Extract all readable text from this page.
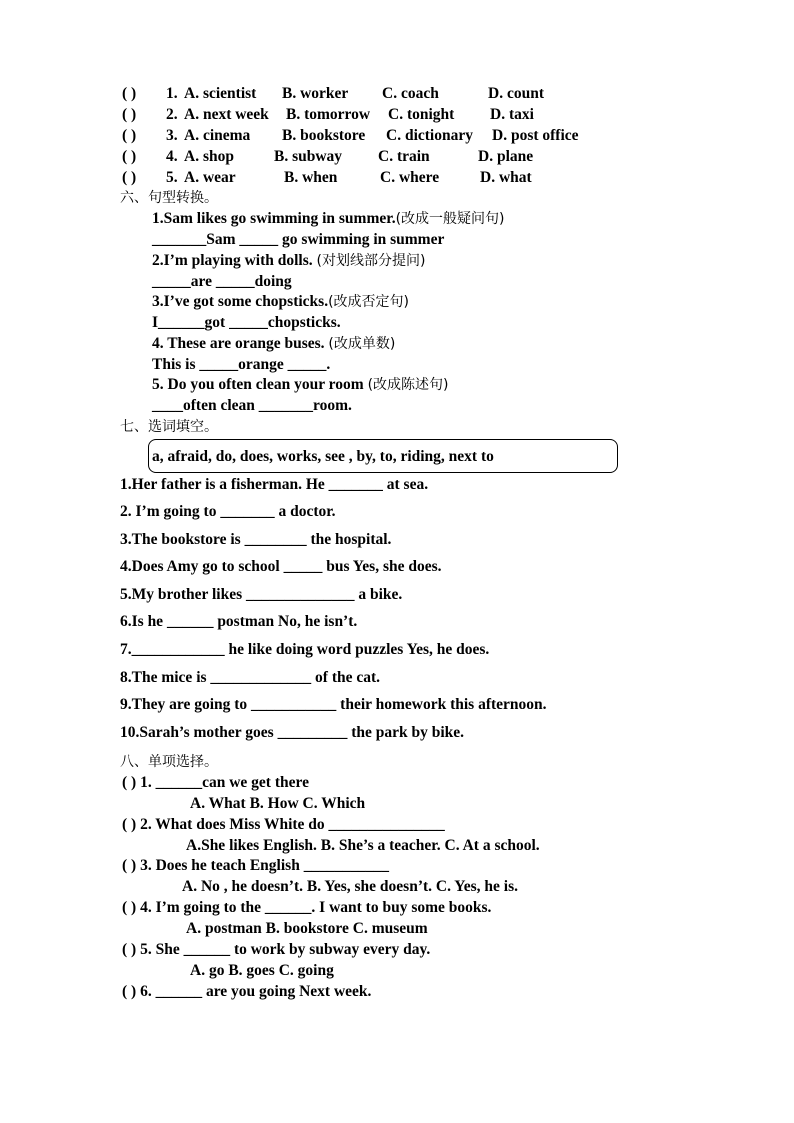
( ) 1. A. scientist B. worker C. coach	D. count
( ) 2. A. next week B. tomorrow C. tonight D. taxi
( ) 3. A. cinema B. bookstore C. dictionary D. post office
( ) 4. A. shop	B. subway C. train	D. plane
( ) 5. A. wear	B. when	C. where	D. what
六、句型转换。
1.Sam likes go swimming in summer.(改成一般疑问句)
_______Sam _____ go swimming in summer
2.I’m playing with dolls. (对划线部分提问)
_____are _____doing
3.I’ve got some chopsticks.(改成否定句)
I______got _____chopsticks.
4. These are orange buses. (改成单数)
This is _____orange _____.
5. Do you often clean your room (改成陈述句)
____often clean _______room.
七、选词填空。
a, afraid, do, does, works, see , by, to, riding, next to
1.Her father is a fisherman. He _______ at sea.
2. I’m going to _______ a doctor.
3.The bookstore is ________ the hospital.
4.Does Amy go to school _____ bus Yes, she does.
5.My brother likes ______________ a bike.
6.Is he ______ postman No, he isn’t.
7.____________ he like doing word puzzles Yes, he does.
8.The mice is _____________ of the cat.
9.They are going to ___________ their homework this afternoon.
10.Sarah’s mother goes _________ the park by bike.
八、单项选择。
( ) 1. ______can we get there
A. What B. How C. Which
( ) 2. What does Miss White do _______________
A.She likes English. B. She’s a teacher. C. At a school.
( ) 3. Does he teach English ___________
A. No , he doesn’t. B. Yes, she doesn’t. C. Yes, he is.
( ) 4. I’m going to the ______. I want to buy some books.
A. postman B. bookstore C. museum
( ) 5. She ______ to work by subway every day.
A. go B. goes C. going
( ) 6. ______ are you going Next week.
